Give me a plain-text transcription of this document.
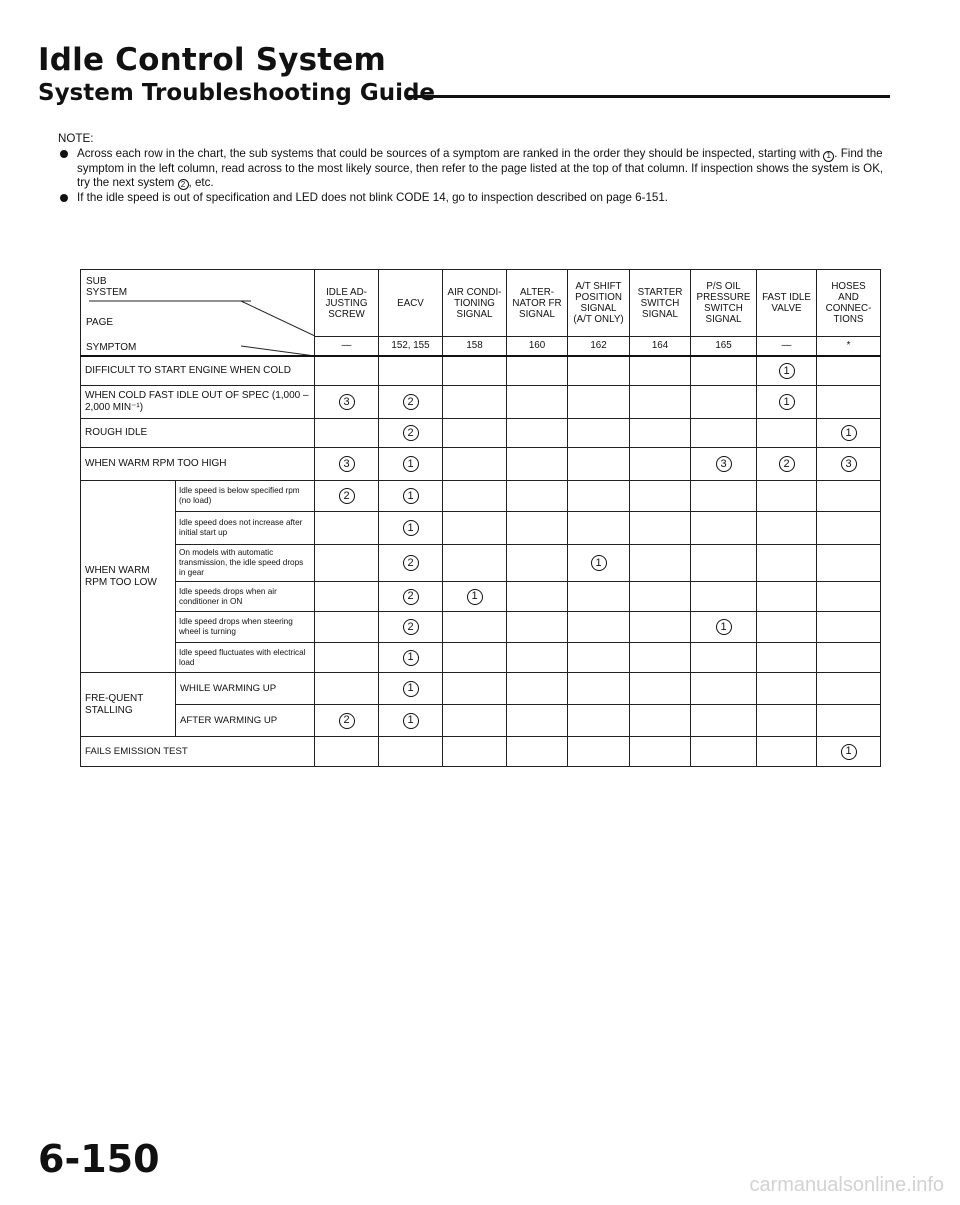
Idle Control System
System Troubleshooting Guide
NOTE:
Across each row in the chart, the sub systems that could be sources of a symptom are ranked in the order they should be inspected, starting with 1 . Find the symptom in the left column, read across to the most likely source, then refer to the page listed at the top of that column. If inspection shows the system is OK, try the next system 2 , etc.
If the idle speed is out of specification and LED does not blink CODE 14, go to inspection described on page 6-151.
SUB SYSTEM
PAGE
SYMPTOM		IDLE AD-JUSTING SCREW	EACV	AIR CONDI-TIONING SIGNAL	ALTER-NATOR FR SIGNAL	A/T SHIFT POSITION SIGNAL (A/T ONLY)	STARTER SWITCH SIGNAL	P/S OIL PRESSURE SWITCH SIGNAL	FAST IDLE VALVE	HOSES AND CONNEC-TIONS
		—	152, 155	158	160	162	164	165	—	*
DIFFICULT TO START ENGINE WHEN COLD									1	
WHEN COLD FAST IDLE OUT OF SPEC (1,000 – 2,000 MIN⁻¹)		3	2						1	
ROUGH IDLE			2							1
WHEN WARM RPM TOO HIGH		3	1					3	2	3
WHEN WARM RPM TOO LOW	Idle speed is below specified rpm (no load)	2	1							
	Idle speed does not increase after initial start up		1							
	On models with automatic transmission, the idle speed drops in gear		2			1				
	Idle speeds drops when air conditioner in ON		2	1						
	Idle speed drops when steering wheel is turning		2					1		
	Idle speed fluctuates with electrical load		1							
FRE-QUENT STALLING	WHILE WARMING UP		1							
	AFTER WARMING UP	2	1							
FAILS EMISSION TEST										1
6-150
carmanualsonline.info
